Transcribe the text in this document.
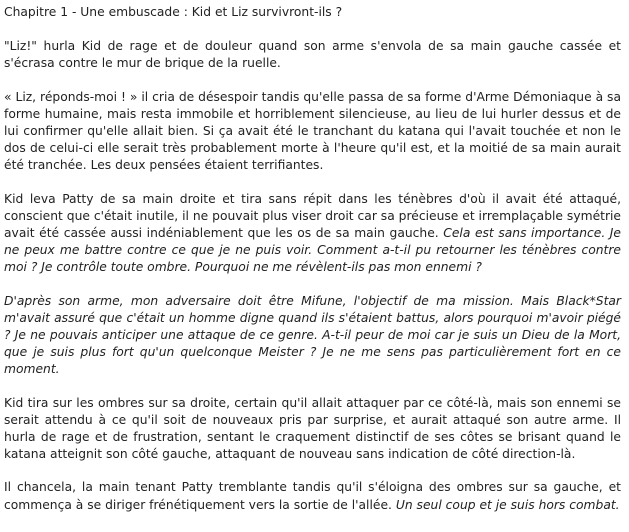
Chapitre 1 - Une embuscade : Kid et Liz survivront-ils ?

"Liz!" hurla Kid de rage et de douleur quand son arme s'envola de sa main gauche cassée et s'écrasa contre le mur de brique de la ruelle.

« Liz, réponds-moi ! » il cria de désespoir tandis qu'elle passa de sa forme d'Arme Démoniaque à sa forme humaine, mais resta immobile et horriblement silencieuse, au lieu de lui hurler dessus et de lui confirmer qu'elle allait bien. Si ça avait été le tranchant du katana qui l'avait touchée et non le dos de celui-ci elle serait très probablement morte à l'heure qu'il est, et la moitié de sa main aurait été tranchée. Les deux pensées étaient terrifiantes.

Kid leva Patty de sa main droite et tira sans répit dans les ténèbres d'où il avait été attaqué, conscient que c'était inutile, il ne pouvait plus viser droit car sa précieuse et irremplaçable symétrie avait été cassée aussi indéniablement que les os de sa main gauche. Cela est sans importance. Je ne peux me battre contre ce que je ne puis voir. Comment a-t-il pu retourner les ténèbres contre moi ? Je contrôle toute ombre. Pourquoi ne me révèlent-ils pas mon ennemi ?

D'après son arme, mon adversaire doit être Mifune, l'objectif de ma mission. Mais Black*Star m'avait assuré que c'était un homme digne quand ils s'étaient battus, alors pourquoi m'avoir piégé ? Je ne pouvais anticiper une attaque de ce genre. A-t-il peur de moi car je suis un Dieu de la Mort, que je suis plus fort qu'un quelconque Meister ? Je ne me sens pas particulièrement fort en ce moment.

Kid tira sur les ombres sur sa droite, certain qu'il allait attaquer par ce côté-là, mais son ennemi se serait attendu à ce qu'il soit de nouveaux pris par surprise, et aurait attaqué son autre arme. Il hurla de rage et de frustration, sentant le craquement distinctif de ses côtes se brisant quand le katana atteignit son côté gauche, attaquant de nouveau sans indication de côté direction-là.

Il chancela, la main tenant Patty tremblante tandis qu'il s'éloigna des ombres sur sa gauche, et commença à se diriger frénétiquement vers la sortie de l'allée. Un seul coup et je suis hors combat.
